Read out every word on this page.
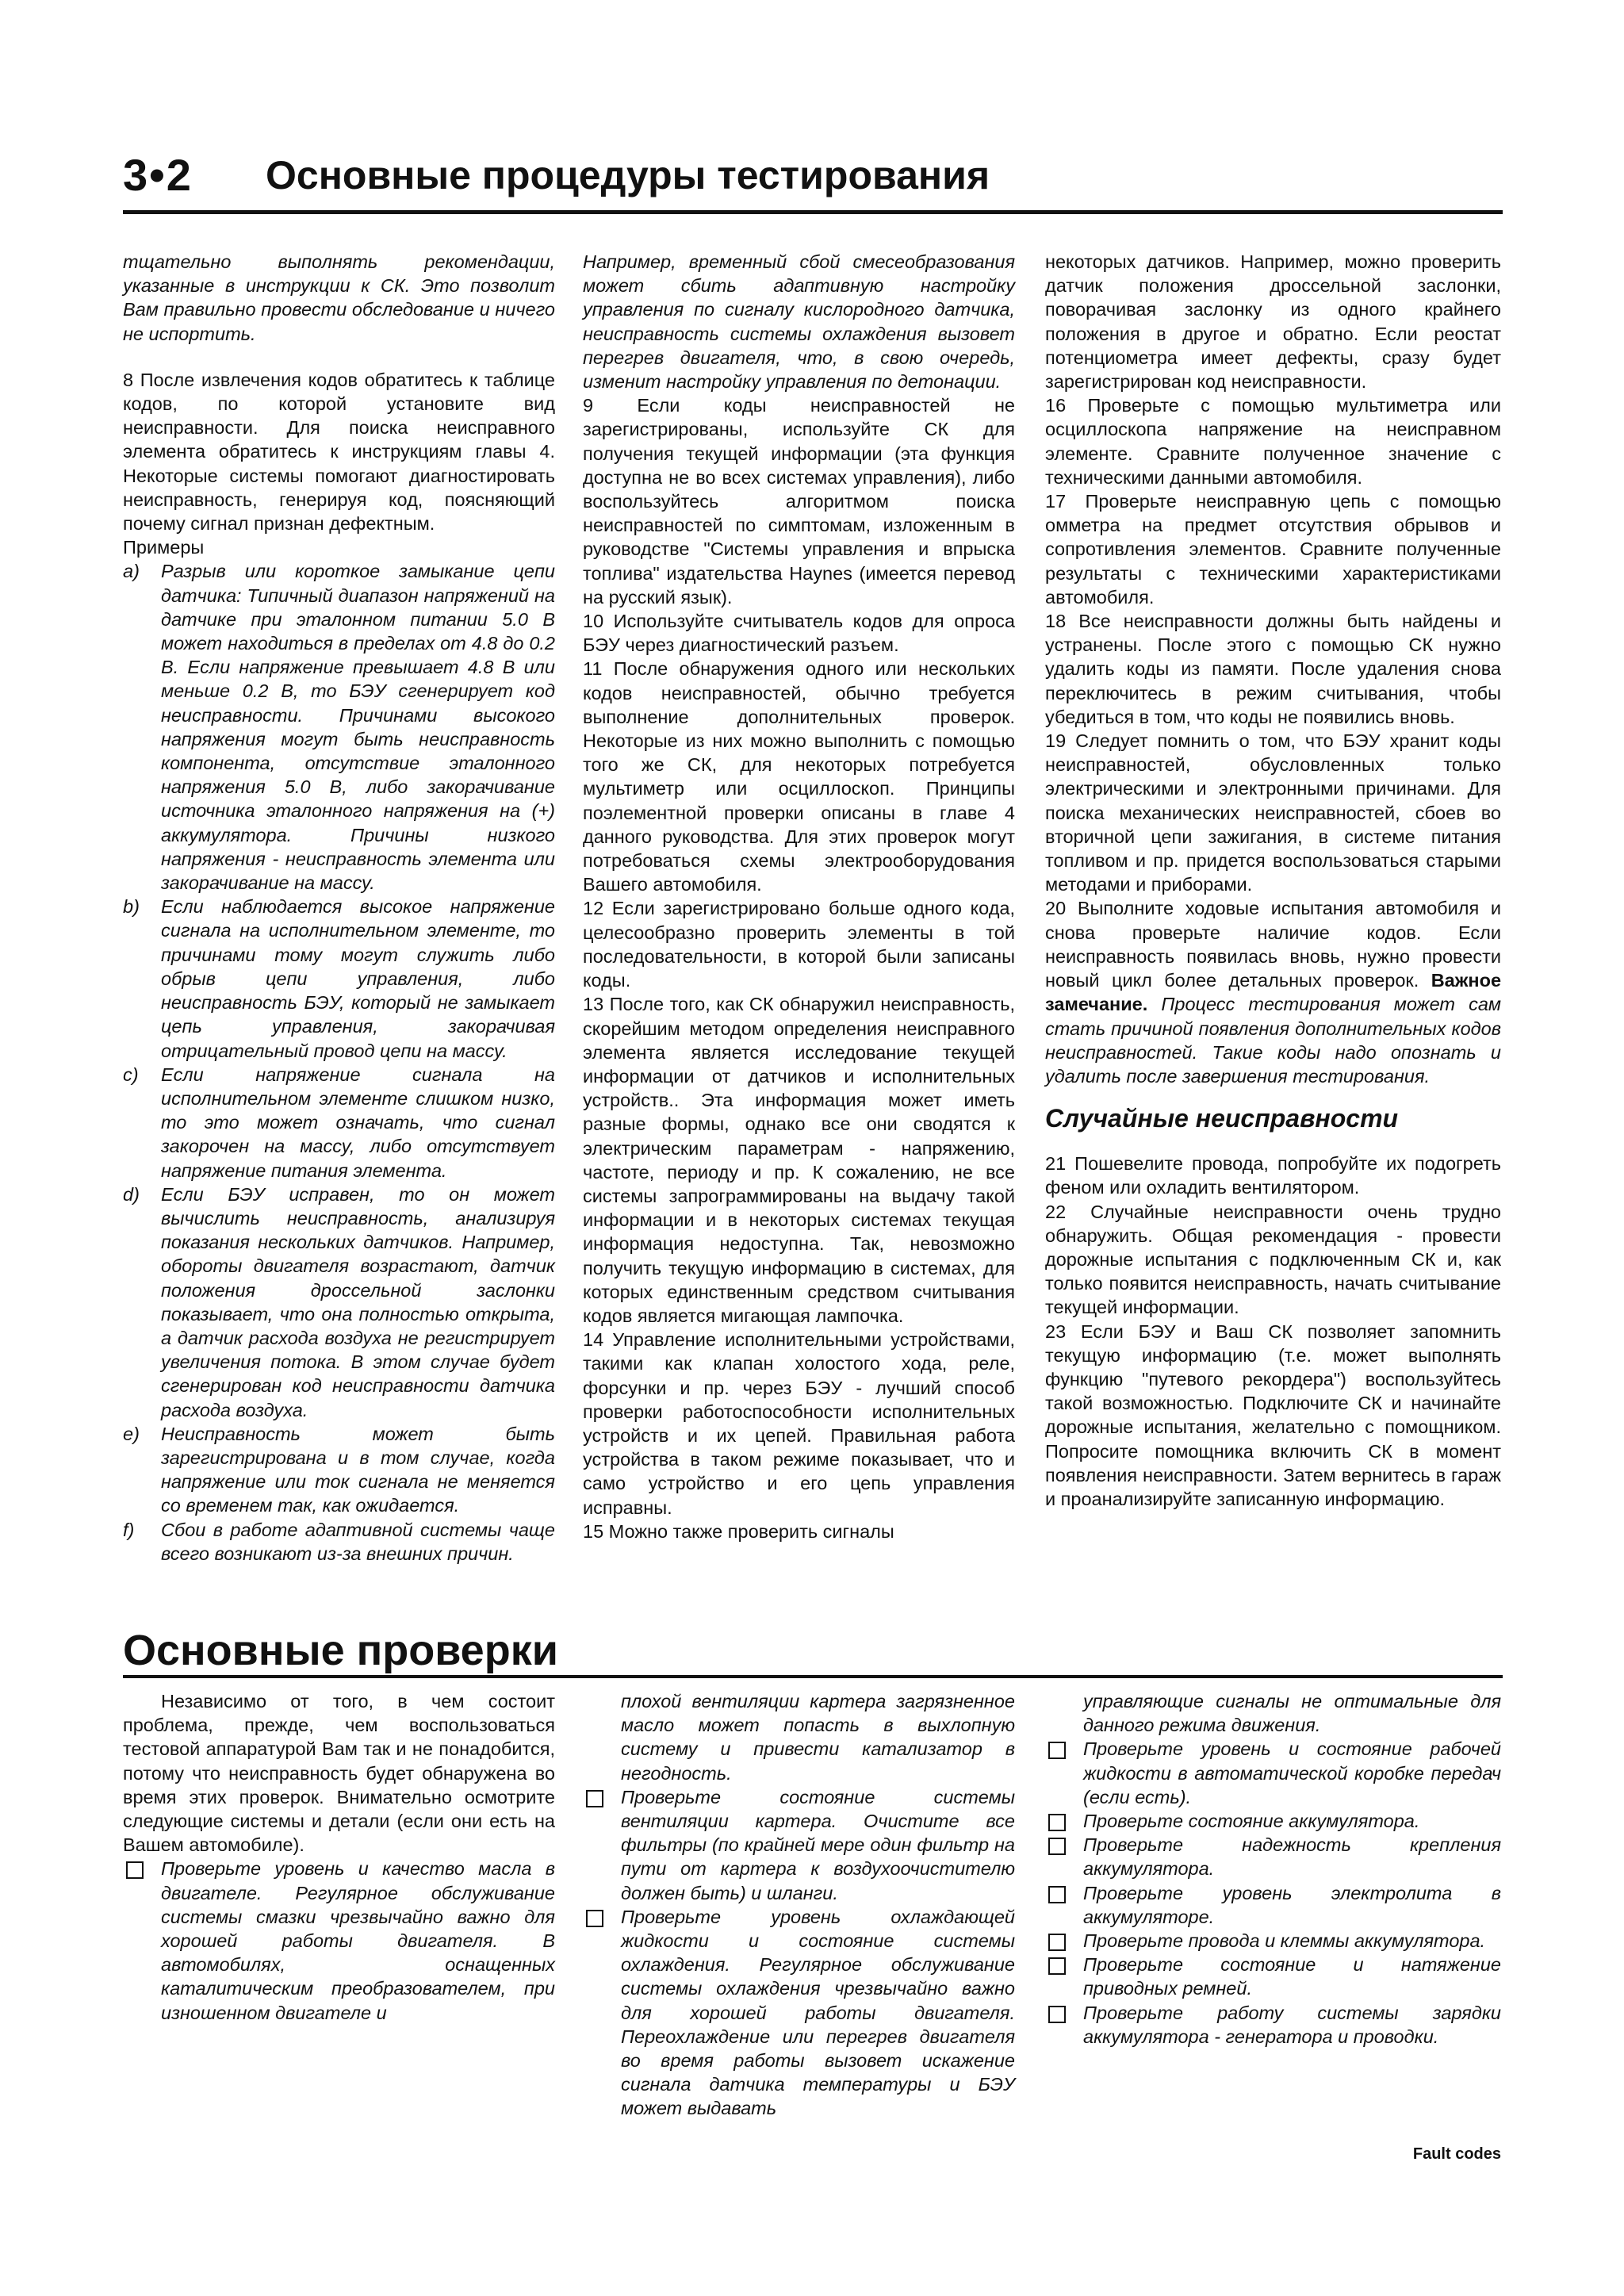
3•2 Основные процедуры тестирования

тщательно выполнять рекомендации, указанные в инструкции к СК. Это позволит Вам правильно провести обследование и ничего не испортить.

8 После извлечения кодов обратитесь к таблице кодов, по которой установите вид неисправности. Для поиска неисправного элемента обратитесь к инструкциям главы 4. Некоторые системы помогают диагностировать неисправность, генерируя код, поясняющий почему сигнал признан дефектным.

Примеры

a) Разрыв или короткое замыкание цепи датчика: Типичный диапазон напряжений на датчике при эталонном питании 5.0 В может находиться в пределах от 4.8 до 0.2 В. Если напряжение превышает 4.8 В или меньше 0.2 В, то БЭУ сгенерирует код неисправности. Причинами высокого напряжения могут быть неисправность компонента, отсутствие эталонного напряжения 5.0 В, либо закорачивание источника эталонного напряжения на (+) аккумулятора. Причины низкого напряжения - неисправность элемента или закорачивание на массу.

b) Если наблюдается высокое напряжение сигнала на исполнительном элементе, то причинами тому могут служить либо обрыв цепи управления, либо неисправность БЭУ, который не замыкает цепь управления, закорачивая отрицательный провод цепи на массу.

c) Если напряжение сигнала на исполнительном элементе слишком низко, то это может означать, что сигнал закорочен на массу, либо отсутствует напряжение питания элемента.

d) Если БЭУ исправен, то он может вычислить неисправность, анализируя показания нескольких датчиков. Например, обороты двигателя возрастают, датчик положения дроссельной заслонки показывает, что она полностью открыта, а датчик расхода воздуха не регистрирует увеличения потока. В этом случае будет сгенерирован код неисправности датчика расхода воздуха.

e) Неисправность может быть зарегистрирована и в том случае, когда напряжение или ток сигнала не меняется со временем так, как ожидается.

f) Сбои в работе адаптивной системы чаще всего возникают из-за внешних причин.

Например, временный сбой смесеобразования может сбить адаптивную настройку управления по сигналу кислородного датчика, неисправность системы охлаждения вызовет перегрев двигателя, что, в свою очередь, изменит настройку управления по детонации.

9 Если коды неисправностей не зарегистрированы, используйте СК для получения текущей информации (эта функция доступна не во всех системах управления), либо воспользуйтесь алгоритмом поиска неисправностей по симптомам, изложенным в руководстве "Системы управления и впрыска топлива" издательства Haynes (имеется перевод на русский язык).

10 Используйте считыватель кодов для опроса БЭУ через диагностический разъем.

11 После обнаружения одного или нескольких кодов неисправностей, обычно требуется выполнение дополнительных проверок. Некоторые из них можно выполнить с помощью того же СК, для некоторых потребуется мультиметр или осциллоскоп. Принципы поэлементной проверки описаны в главе 4 данного руководства. Для этих проверок могут потребоваться схемы электрооборудования Вашего автомобиля.

12 Если зарегистрировано больше одного кода, целесообразно проверить элементы в той последовательности, в которой были записаны коды.

13 После того, как СК обнаружил неисправность, скорейшим методом определения неисправного элемента является исследование текущей информации от датчиков и исполнительных устройств.. Эта информация может иметь разные формы, однако все они сводятся к электрическим параметрам - напряжению, частоте, периоду и пр. К сожалению, не все системы запрограммированы на выдачу такой информации и в некоторых системах текущая информация недоступна. Так, невозможно получить текущую информацию в системах, для которых единственным средством считывания кодов является мигающая лампочка.

14 Управление исполнительными устройствами, такими как клапан холостого хода, реле, форсунки и пр. через БЭУ - лучший способ проверки работоспособности исполнительных устройств и их цепей. Правильная работа устройства в таком режиме показывает, что и само устройство и его цепь управления исправны.

15 Можно также проверить сигналы

некоторых датчиков. Например, можно проверить датчик положения дроссельной заслонки, поворачивая заслонку из одного крайнего положения в другое и обратно. Если реостат потенциометра имеет дефекты, сразу будет зарегистрирован код неисправности.

16 Проверьте с помощью мультиметра или осциллоскопа напряжение на неисправном элементе. Сравните полученное значение с техническими данными автомобиля.

17 Проверьте неисправную цепь с помощью омметра на предмет отсутствия обрывов и сопротивления элементов. Сравните полученные результаты с техническими характеристиками автомобиля.

18 Все неисправности должны быть найдены и устранены. После этого с помощью СК нужно удалить коды из памяти. После удаления снова переключитесь в режим считывания, чтобы убедиться в том, что коды не появились вновь.

19 Следует помнить о том, что БЭУ хранит коды неисправностей, обусловленных только электрическими и электронными причинами. Для поиска механических неисправностей, сбоев во вторичной цепи зажигания, в системе питания топливом и пр. придется воспользоваться старыми методами и приборами.

20 Выполните ходовые испытания автомобиля и снова проверьте наличие кодов. Если неисправность появилась вновь, нужно провести новый цикл более детальных проверок. Важное замечание. Процесс тестирования может сам стать причиной появления дополнительных кодов неисправностей. Такие коды надо опознать и удалить после завершения тестирования.

Случайные неисправности

21 Пошевелите провода, попробуйте их подогреть феном или охладить вентилятором.

22 Случайные неисправности очень трудно обнаружить. Общая рекомендация - провести дорожные испытания с подключенным СК и, как только появится неисправность, начать считывание текущей информации.

23 Если БЭУ и Ваш СК позволяет запомнить текущую информацию (т.е. может выполнять функцию "путевого рекордера") воспользуйтесь такой возможностью. Подключите СК и начинайте дорожные испытания, желательно с помощником. Попросите помощника включить СК в момент появления неисправности. Затем вернитесь в гараж и проанализируйте записанную информацию.

Основные проверки

Независимо от того, в чем состоит проблема, прежде, чем воспользоваться тестовой аппаратурой Вам так и не понадобится, потому что неисправность будет обнаружена во время этих проверок. Внимательно осмотрите следующие системы и детали (если они есть на Вашем автомобиле).

Проверьте уровень и качество масла в двигателе. Регулярное обслуживание системы смазки чрезвычайно важно для хорошей работы двигателя. В автомобилях, оснащенных каталитическим преобразователем, при изношенном двигателе и

плохой вентиляции картера загрязненное масло может попасть в выхлопную систему и привести катализатор в негодность.

Проверьте состояние системы вентиляции картера. Очистите все фильтры (по крайней мере один фильтр на пути от картера к воздухоочистителю должен быть) и шланги.

Проверьте уровень охлаждающей жидкости и состояние системы охлаждения. Регулярное обслуживание системы охлаждения чрезвычайно важно для хорошей работы двигателя. Переохлаждение или перегрев двигателя во время работы вызовет искажение сигнала датчика температуры и БЭУ может выдавать

управляющие сигналы не оптимальные для данного режима движения.

Проверьте уровень и состояние рабочей жидкости в автоматической коробке передач (если есть).

Проверьте состояние аккумулятора.

Проверьте надежность крепления аккумулятора.

Проверьте уровень электролита в аккумуляторе.

Проверьте провода и клеммы аккумулятора.

Проверьте состояние и натяжение приводных ремней.

Проверьте работу системы зарядки аккумулятора - генератора и проводки.

Fault codes
